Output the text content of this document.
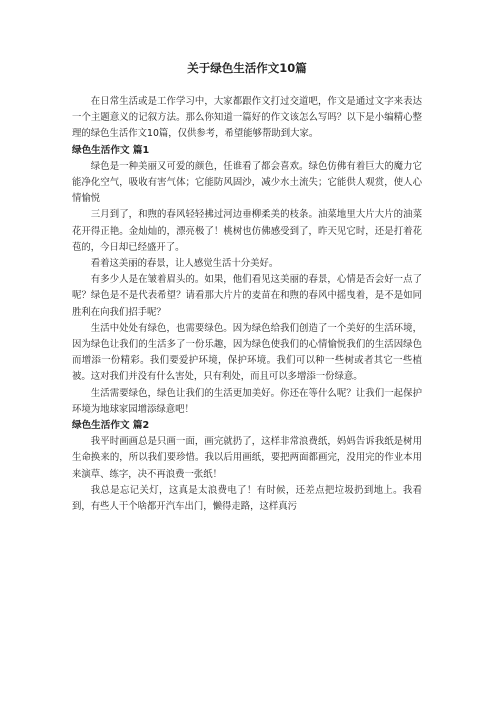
关于绿色生活作文10篇

在日常生活或是工作学习中，大家都跟作文打过交道吧，作文是通过文字来表达一个主题意义的记叙方法。那么你知道一篇好的作文该怎么写吗？以下是小编精心整理的绿色生活作文10篇，仅供参考，希望能够帮助到大家。

绿色生活作文 篇1

绿色是一种美丽又可爱的颜色，任谁看了都会喜欢。绿色仿佛有着巨大的魔力它能净化空气，吸收有害气体；它能防风固沙，减少水土流失；它能供人观赏，使人心情愉悦

三月到了，和煦的春风轻轻拂过河边垂柳柔美的枝条。油菜地里大片大片的油菜花开得正艳。金灿灿的，漂亮极了！桃树也仿佛感受到了，昨天见它时，还是打着花苞的，今日却已经盛开了。

看着这美丽的春景，让人感觉生活十分美好。

有多少人是在皱着眉头的。如果，他们看见这美丽的春景，心情是否会好一点了呢？绿色是不是代表希望？请看那大片片的麦苗在和煦的春风中摇曳着，是不是如同胜利在向我们招手呢？

生活中处处有绿色，也需要绿色。因为绿色给我们创造了一个美好的生活环境，因为绿色让我们的生活多了一份乐趣，因为绿色使我们的心情愉悦我们的生活因绿色而增添一份精彩。我们要爱护环境，保护环境。我们可以种一些树或者其它一些植被。这对我们并没有什么害处，只有利处，而且可以多增添一份绿意。

生活需要绿色，绿色让我们的生活更加美好。你还在等什么呢？让我们一起保护环境为地球家园增添绿意吧！

绿色生活作文 篇2

我平时画画总是只画一面，画完就扔了，这样非常浪费纸，妈妈告诉我纸是树用生命换来的，所以我们要珍惜。我以后用画纸，要把两面都画完，没用完的作业本用来演草、练字，决不再浪费一张纸！

我总是忘记关灯，这真是太浪费电了！有时候，还差点把垃圾扔到地上。我看到，有些人干个啥都开汽车出门，懒得走路，这样真污
